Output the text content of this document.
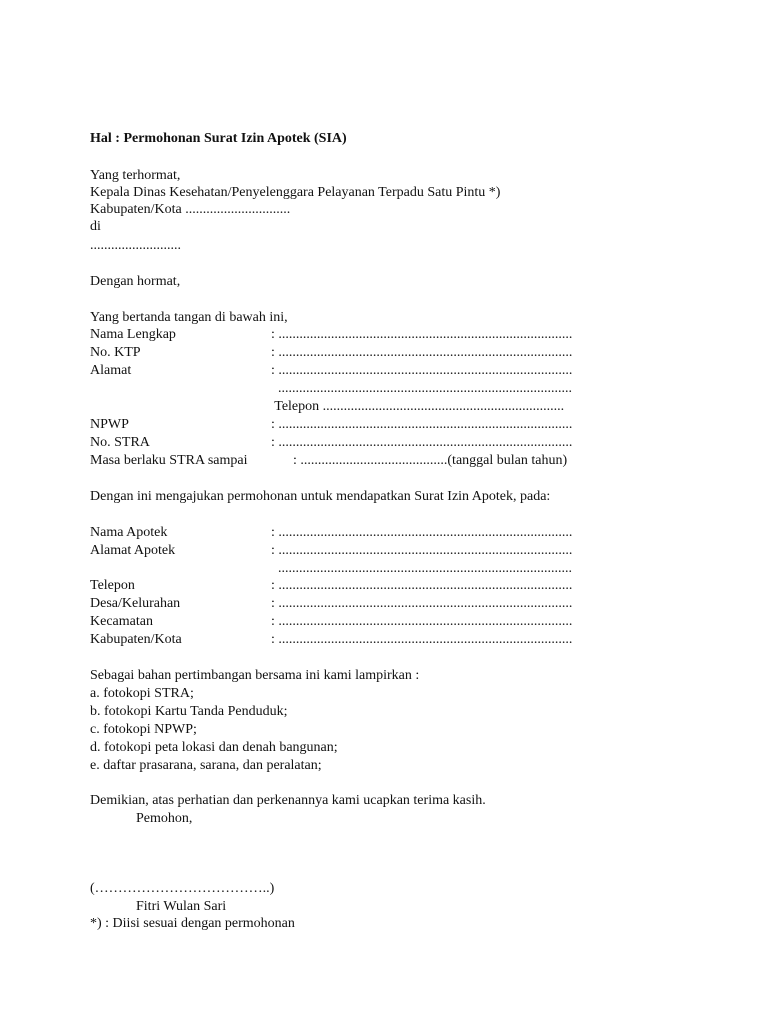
Hal : Permohonan Surat Izin Apotek (SIA)
Yang terhormat,
Kepala Dinas Kesehatan/Penyelenggara Pelayanan Terpadu Satu Pintu *)
Kabupaten/Kota ..............................
di
..........................
Dengan hormat,
Yang bertanda tangan di bawah ini,
Nama Lengkap	: ....................................................................................
No. KTP	: ....................................................................................
Alamat	: ....................................................................................
....................................................................................
Telepon .....................................................................
NPWP	: ....................................................................................
No. STRA	: ....................................................................................
Masa berlaku STRA sampai	: ..........................................(tanggal bulan tahun)
Dengan ini mengajukan permohonan untuk mendapatkan Surat Izin Apotek, pada:
Nama Apotek	: ....................................................................................
Alamat Apotek	: ....................................................................................
....................................................................................
Telepon	: ....................................................................................
Desa/Kelurahan	: ....................................................................................
Kecamatan	: ....................................................................................
Kabupaten/Kota	: ....................................................................................
Sebagai bahan pertimbangan bersama ini kami lampirkan :
a. fotokopi STRA;
b. fotokopi Kartu Tanda Penduduk;
c. fotokopi NPWP;
d. fotokopi peta lokasi dan denah bangunan;
e. daftar prasarana, sarana, dan peralatan;
Demikian, atas perhatian dan perkenannya kami ucapkan terima kasih.
Pemohon,
(………………………………..)
Fitri Wulan Sari
*) : Diisi sesuai dengan permohonan
